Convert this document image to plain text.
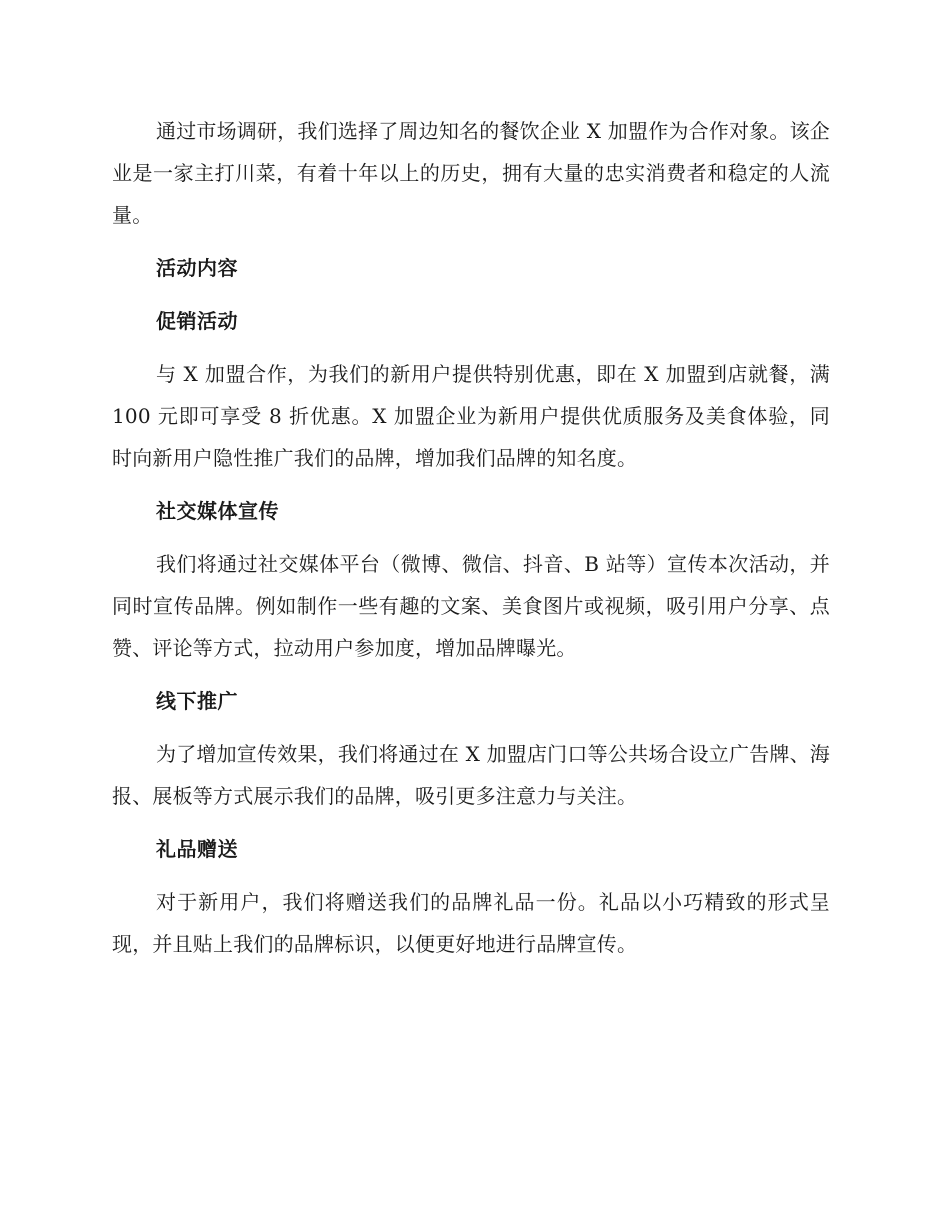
通过市场调研，我们选择了周边知名的餐饮企业 X 加盟作为合作对象。该企业是一家主打川菜，有着十年以上的历史，拥有大量的忠实消费者和稳定的人流量。

活动内容
促销活动

与 X 加盟合作，为我们的新用户提供特别优惠，即在 X 加盟到店就餐，满 100 元即可享受 8 折优惠。X 加盟企业为新用户提供优质服务及美食体验，同时向新用户隐性推广我们的品牌，增加我们品牌的知名度。

社交媒体宣传

我们将通过社交媒体平台（微博、微信、抖音、B 站等）宣传本次活动，并同时宣传品牌。例如制作一些有趣的文案、美食图片或视频，吸引用户分享、点赞、评论等方式，拉动用户参加度，增加品牌曝光。

线下推广

为了增加宣传效果，我们将通过在 X 加盟店门口等公共场合设立广告牌、海报、展板等方式展示我们的品牌，吸引更多注意力与关注。

礼品赠送

对于新用户，我们将赠送我们的品牌礼品一份。礼品以小巧精致的形式呈现，并且贴上我们的品牌标识，以便更好地进行品牌宣传。
